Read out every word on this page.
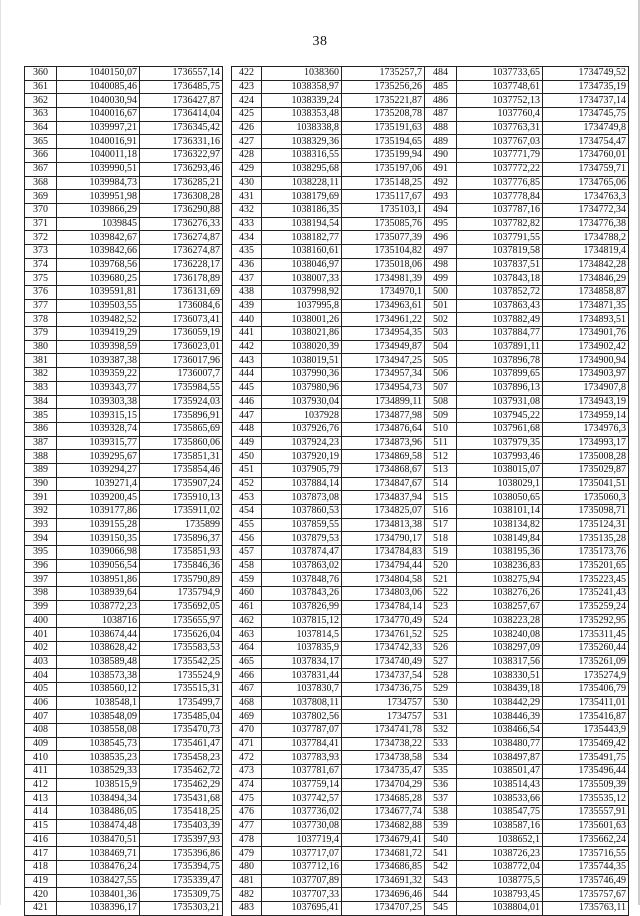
38
360	1040150,07	1736557,14
361	1040085,46	1736485,75
362	1040030,94	1736427,87
363	1040016,67	1736414,04
364	1039997,21	1736345,42
365	1040016,91	1736331,16
366	1040011,18	1736322,97
367	1039990,51	1736293,46
368	1039984,73	1736285,21
369	1039951,98	1736308,28
370	1039866,29	1736290,88
371	1039845	1736276,33
372	1039842,67	1736274,87
373	1039842,66	1736274,87
374	1039768,56	1736228,17
375	1039680,25	1736178,89
376	1039591,81	1736131,69
377	1039503,55	1736084,6
378	1039482,52	1736073,41
379	1039419,29	1736059,19
380	1039398,59	1736023,01
381	1039387,38	1736017,96
382	1039359,22	1736007,7
383	1039343,77	1735984,55
384	1039303,38	1735924,03
385	1039315,15	1735896,91
386	1039328,74	1735865,69
387	1039315,77	1735860,06
388	1039295,67	1735851,31
389	1039294,27	1735854,46
390	1039271,4	1735907,24
391	1039200,45	1735910,13
392	1039177,86	1735911,02
393	1039155,28	1735899
394	1039150,35	1735896,37
395	1039066,98	1735851,93
396	1039056,54	1735846,36
397	1038951,86	1735790,89
398	1038939,64	1735794,9
399	1038772,23	1735692,05
400	1038716	1735655,97
401	1038674,44	1735626,04
402	1038628,42	1735583,53
403	1038589,48	1735542,25
404	1038573,38	1735524,9
405	1038560,12	1735515,31
406	1038548,1	1735499,7
407	1038548,09	1735485,04
408	1038558,08	1735470,73
409	1038545,73	1735461,47
410	1038535,23	1735458,23
411	1038529,33	1735462,72
412	1038515,9	1735462,29
413	1038494,34	1735431,68
414	1038486,05	1735418,25
415	1038474,48	1735403,39
416	1038470,51	1735397,93
417	1038469,71	1735396,86
418	1038476,24	1735394,75
419	1038427,55	1735339,47
420	1038401,36	1735309,75
421	1038396,17	1735303,21
422	1038360	1735257,7
423	1038358,97	1735256,26
424	1038339,24	1735221,87
425	1038353,48	1735208,78
426	1038338,8	1735191,63
427	1038329,36	1735194,65
428	1038316,55	1735199,94
429	1038295,68	1735197,06
430	1038228,11	1735148,25
431	1038179,69	1735117,67
432	1038186,35	1735103,1
433	1038194,54	1735085,76
434	1038182,77	1735077,39
435	1038160,61	1735104,82
436	1038046,97	1735018,06
437	1038007,33	1734981,39
438	1037998,92	1734970,1
439	1037995,8	1734963,61
440	1038001,26	1734961,22
441	1038021,86	1734954,35
442	1038020,39	1734949,87
443	1038019,51	1734947,25
444	1037990,36	1734957,34
445	1037980,96	1734954,73
446	1037930,04	1734899,11
447	1037928	1734877,98
448	1037926,76	1734876,64
449	1037924,23	1734873,96
450	1037920,19	1734869,58
451	1037905,79	1734868,67
452	1037884,14	1734847,67
453	1037873,08	1734837,94
454	1037860,53	1734825,07
455	1037859,55	1734813,38
456	1037879,53	1734790,17
457	1037874,47	1734784,83
458	1037863,02	1734794,44
459	1037848,76	1734804,58
460	1037843,26	1734803,06
461	1037826,99	1734784,14
462	1037815,12	1734770,49
463	1037814,5	1734761,52
464	1037835,9	1734742,33
465	1037834,17	1734740,49
466	1037831,44	1734737,54
467	1037830,7	1734736,75
468	1037808,11	1734757
469	1037802,56	1734757
470	1037787,07	1734741,78
471	1037784,41	1734738,22
472	1037783,93	1734738,58
473	1037781,67	1734735,47
474	1037759,14	1734704,29
475	1037742,57	1734685,28
476	1037736,02	1734677,74
477	1037730,08	1734682,88
478	1037719,4	1734679,41
479	1037717,07	1734681,72
480	1037712,16	1734686,85
481	1037707,89	1734691,32
482	1037707,33	1734696,46
483	1037695,41	1734707,25
484	1037733,65	1734749,52
485	1037748,61	1734735,19
486	1037752,13	1734737,14
487	1037760,4	1734745,75
488	1037763,31	1734749,8
489	1037767,03	1734754,47
490	1037771,79	1734760,01
491	1037772,22	1734759,71
492	1037776,85	1734765,06
493	1037778,84	1734763,3
494	1037787,16	1734772,34
495	1037782,82	1734776,38
496	1037791,55	1734788,2
497	1037819,58	1734819,4
498	1037837,51	1734842,28
499	1037843,18	1734846,29
500	1037852,72	1734858,87
501	1037863,43	1734871,35
502	1037882,49	1734893,51
503	1037884,77	1734901,76
504	1037891,11	1734902,42
505	1037896,78	1734900,94
506	1037899,65	1734903,97
507	1037896,13	1734907,8
508	1037931,08	1734943,19
509	1037945,22	1734959,14
510	1037961,68	1734976,3
511	1037979,35	1734993,17
512	1037993,46	1735008,28
513	1038015,07	1735029,87
514	1038029,1	1735041,51
515	1038050,65	1735060,3
516	1038101,14	1735098,71
517	1038134,82	1735124,31
518	1038149,84	1735135,28
519	1038195,36	1735173,76
520	1038236,83	1735201,65
521	1038275,94	1735223,45
522	1038276,26	1735241,43
523	1038257,67	1735259,24
524	1038223,28	1735292,95
525	1038240,08	1735311,45
526	1038297,09	1735260,44
527	1038317,56	1735261,09
528	1038330,51	1735274,9
529	1038439,18	1735406,79
530	1038442,29	1735411,01
531	1038446,39	1735416,87
532	1038466,54	1735443,9
533	1038480,77	1735469,42
534	1038497,87	1735491,75
535	1038501,47	1735496,44
536	1038514,43	1735509,39
537	1038533,66	1735535,12
538	1038547,75	1735557,91
539	1038587,16	1735601,63
540	1038652,1	1735662,24
541	1038726,23	1735716,55
542	1038772,04	1735744,35
543	1038775,5	1735746,49
544	1038793,45	1735757,67
545	1038804,01	1735763,11
